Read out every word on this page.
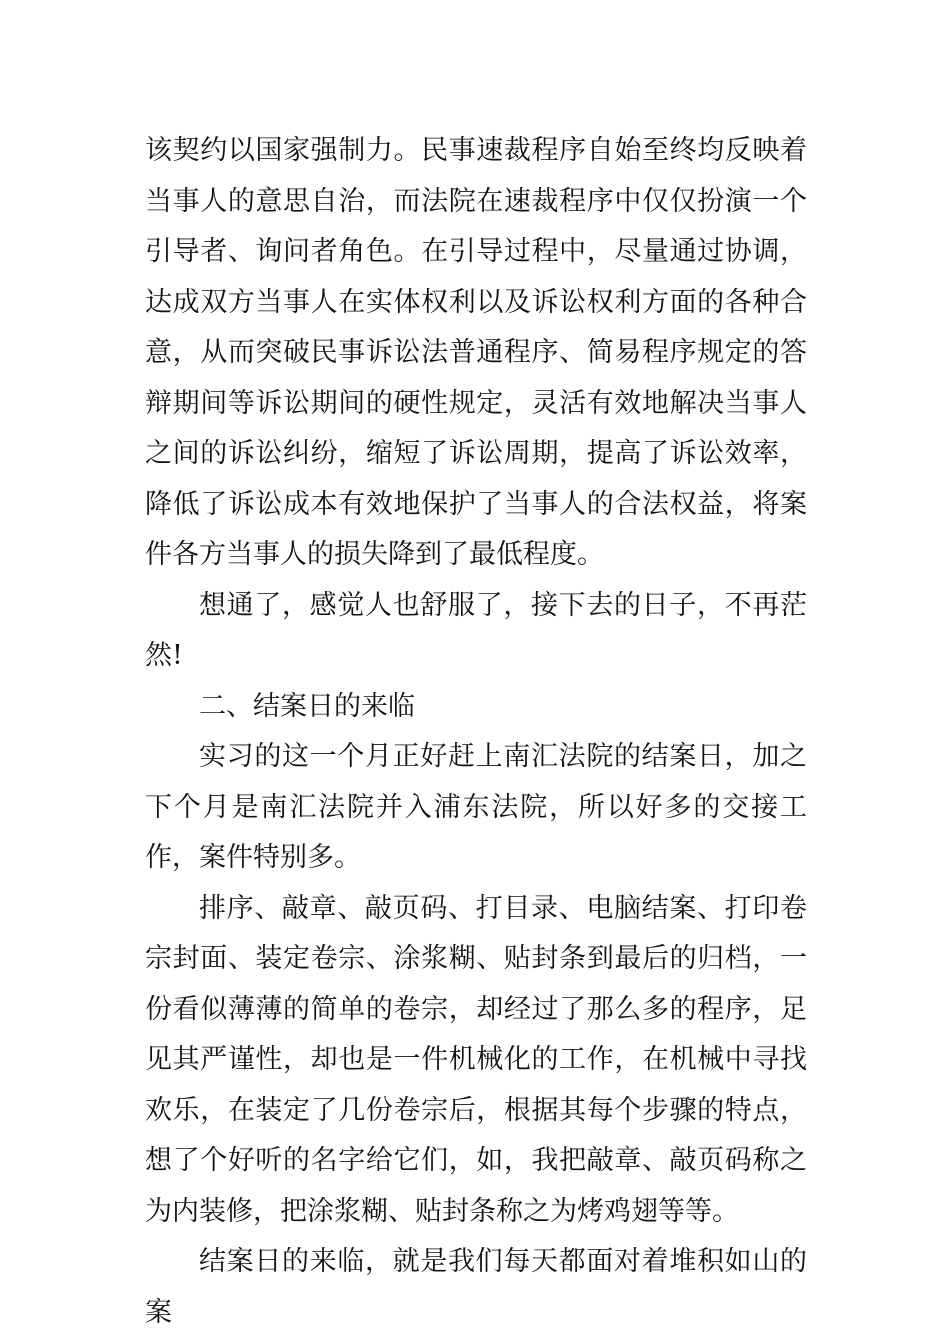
该契约以国家强制力。民事速裁程序自始至终均反映着当事人的意思自治，而法院在速裁程序中仅仅扮演一个引导者、询问者角色。在引导过程中，尽量通过协调，达成双方当事人在实体权利以及诉讼权利方面的各种合意，从而突破民事诉讼法普通程序、简易程序规定的答辩期间等诉讼期间的硬性规定，灵活有效地解决当事人之间的诉讼纠纷，缩短了诉讼周期，提高了诉讼效率，降低了诉讼成本有效地保护了当事人的合法权益，将案件各方当事人的损失降到了最低程度。

想通了，感觉人也舒服了，接下去的日子，不再茫然!

二、结案日的来临

实习的这一个月正好赶上南汇法院的结案日，加之下个月是南汇法院并入浦东法院，所以好多的交接工作，案件特别多。

排序、敲章、敲页码、打目录、电脑结案、打印卷宗封面、装定卷宗、涂浆糊、贴封条到最后的归档，一份看似薄薄的简单的卷宗，却经过了那么多的程序，足见其严谨性，却也是一件机械化的工作，在机械中寻找欢乐，在装定了几份卷宗后，根据其每个步骤的特点，想了个好听的名字给它们，如，我把敲章、敲页码称之为内装修，把涂浆糊、贴封条称之为烤鸡翅等等。

结案日的来临，就是我们每天都面对着堆积如山的案
